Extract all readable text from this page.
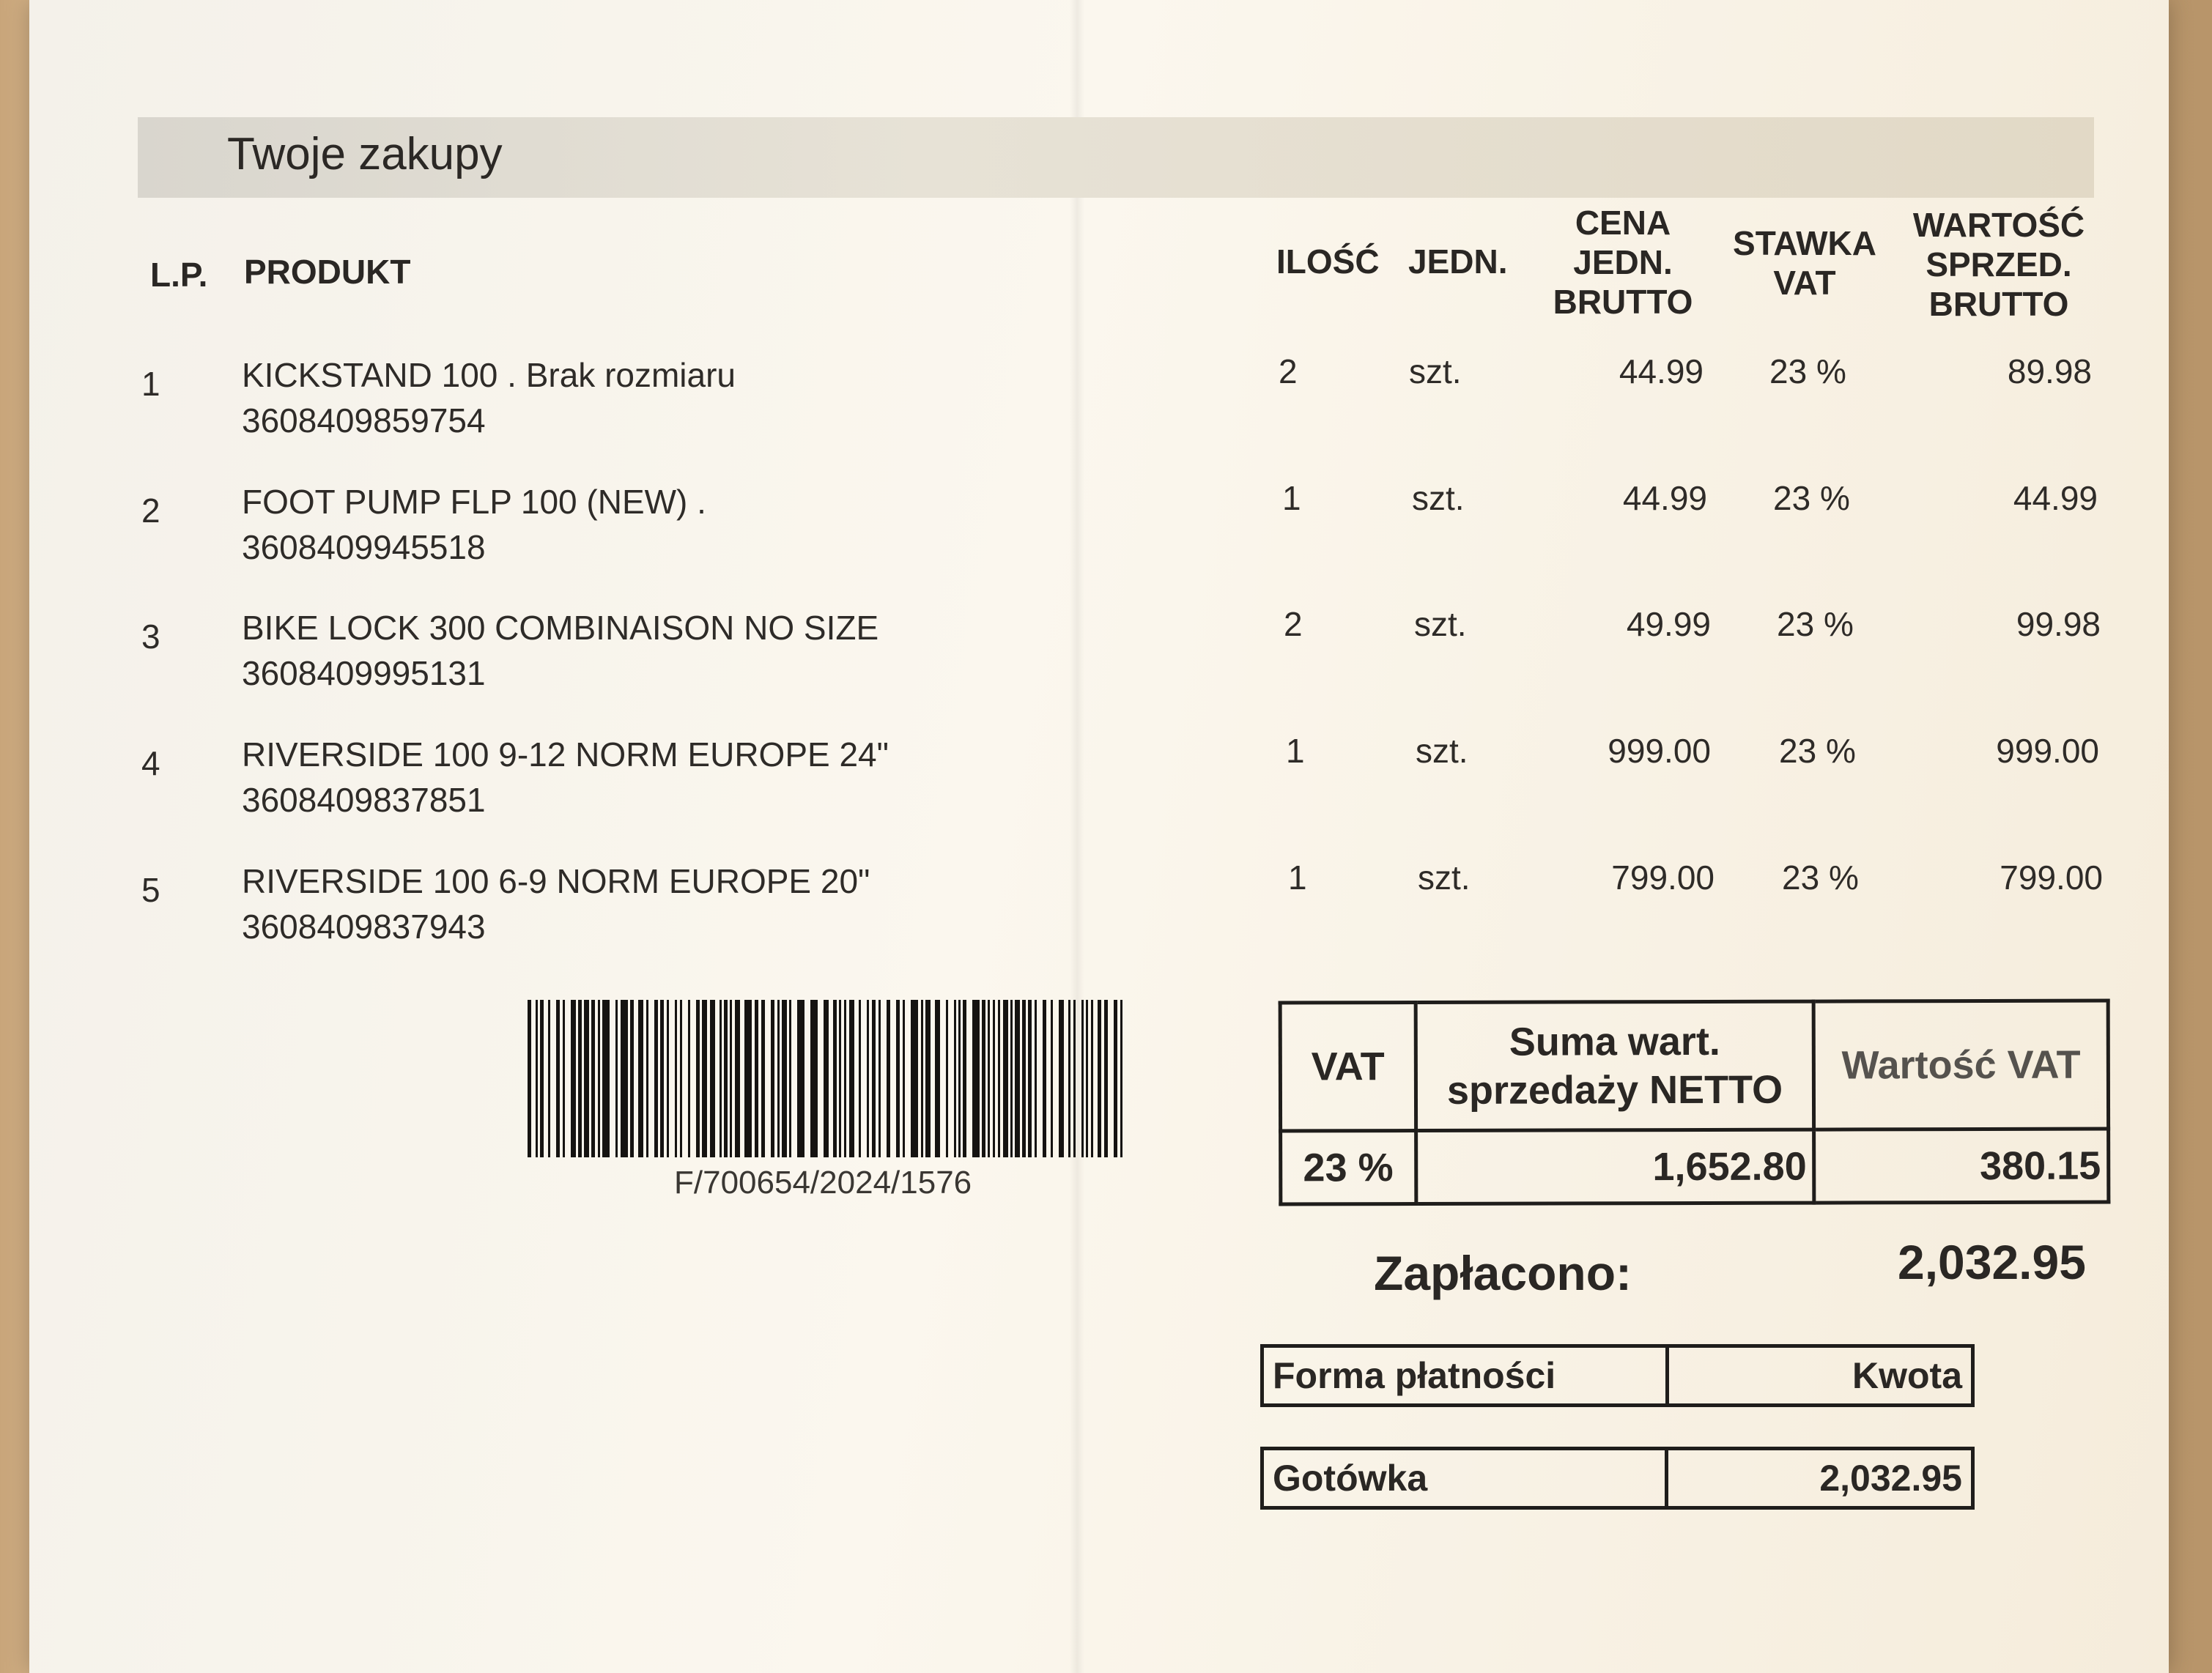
Twoje zakupy
L.P. PRODUKT	ILOŚĆ JEDN.
CENA
JEDN.
BRUTTO
STAWKA
VAT
WARTOŚĆ
SPRZED.
BRUTTO
1 KICKSTAND 100 . Brak rozmiaru
3608409859754
2	szt.	44.99 23 %	89.98
2 FOOT PUMP FLP 100 (NEW) .
3608409945518
1	szt.	44.99 23 %	44.99
3 BIKE LOCK 300 COMBINAISON NO SIZE
3608409995131
2	szt.	49.99 23 %	99.98
4 RIVERSIDE 100 9-12 NORM EUROPE 24"
3608409837851
1	szt.	999.00 23 %	999.00
5 RIVERSIDE 100 6-9 NORM EUROPE 20"
3608409837943
1	szt.	799.00 23 %	799.00
F/700654/2024/1576
VAT	Suma wart.
sprzedaży NETTO	Wartość VAT
23 %	1,652.80	380.15
Zapłacono:	2,032.95
Forma płatności	Kwota
Gotówka	2,032.95
